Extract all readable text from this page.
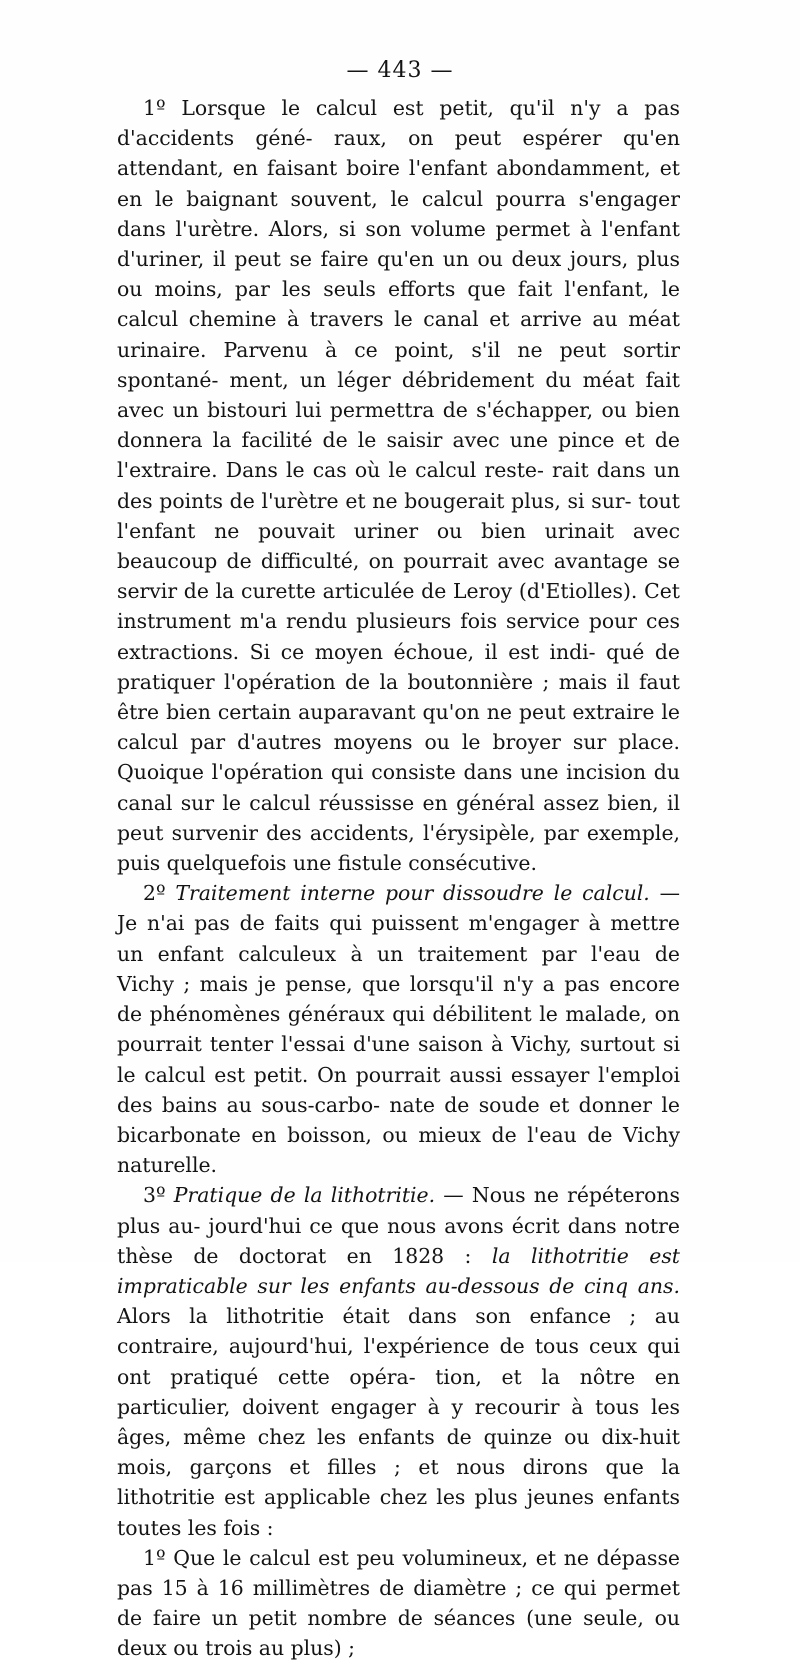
— 443 —

1º Lorsque le calcul est petit, qu'il n'y a pas d'accidents géné- raux, on peut espérer qu'en attendant, en faisant boire l'enfant abondamment, et en le baignant souvent, le calcul pourra s'engager dans l'urètre. Alors, si son volume permet à l'enfant d'uriner, il peut se faire qu'en un ou deux jours, plus ou moins, par les seuls efforts que fait l'enfant, le calcul chemine à travers le canal et arrive au méat urinaire. Parvenu à ce point, s'il ne peut sortir spontané- ment, un léger débridement du méat fait avec un bistouri lui permettra de s'échapper, ou bien donnera la facilité de le saisir avec une pince et de l'extraire. Dans le cas où le calcul reste- rait dans un des points de l'urètre et ne bougerait plus, si sur- tout l'enfant ne pouvait uriner ou bien urinait avec beaucoup de difficulté, on pourrait avec avantage se servir de la curette articulée de Leroy (d'Etiolles). Cet instrument m'a rendu plusieurs fois service pour ces extractions. Si ce moyen échoue, il est indi- qué de pratiquer l'opération de la boutonnière ; mais il faut être bien certain auparavant qu'on ne peut extraire le calcul par d'autres moyens ou le broyer sur place. Quoique l'opération qui consiste dans une incision du canal sur le calcul réussisse en général assez bien, il peut survenir des accidents, l'érysipèle, par exemple, puis quelquefois une fistule consécutive.

2º Traitement interne pour dissoudre le calcul. — Je n'ai pas de faits qui puissent m'engager à mettre un enfant calculeux à un traitement par l'eau de Vichy ; mais je pense, que lorsqu'il n'y a pas encore de phénomènes généraux qui débilitent le malade, on pourrait tenter l'essai d'une saison à Vichy, surtout si le calcul est petit. On pourrait aussi essayer l'emploi des bains au sous-carbo- nate de soude et donner le bicarbonate en boisson, ou mieux de l'eau de Vichy naturelle.

3º Pratique de la lithotritie. — Nous ne répéterons plus au- jourd'hui ce que nous avons écrit dans notre thèse de doctorat en 1828 : la lithotritie est impraticable sur les enfants au-dessous de cinq ans. Alors la lithotritie était dans son enfance ; au contraire, aujourd'hui, l'expérience de tous ceux qui ont pratiqué cette opéra- tion, et la nôtre en particulier, doivent engager à y recourir à tous les âges, même chez les enfants de quinze ou dix-huit mois, garçons et filles ; et nous dirons que la lithotritie est applicable chez les plus jeunes enfants toutes les fois :

1º Que le calcul est peu volumineux, et ne dépasse pas 15 à 16 millimètres de diamètre ; ce qui permet de faire un petit nombre de séances (une seule, ou deux ou trois au plus) ;
